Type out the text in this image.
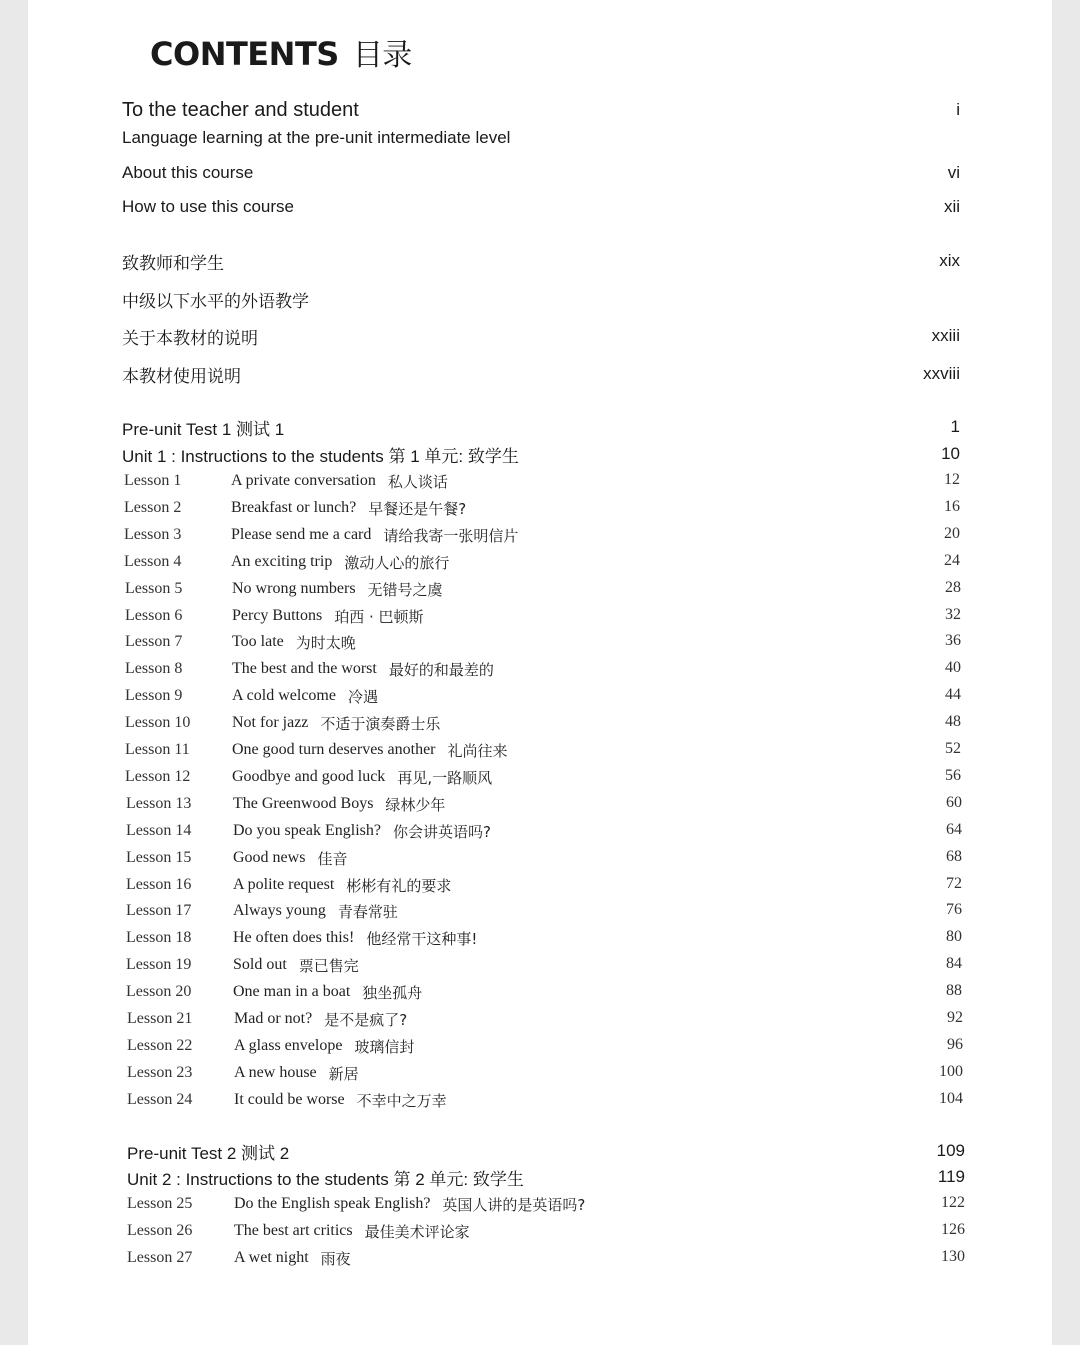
CONTENTS 目录
To the teacher and student	i
Language learning at the pre-unit intermediate level
About this course	vi
How to use this course	xii
致教师和学生	xix
中级以下水平的外语教学
关于本教材的说明	xxiii
本教材使用说明	xxviii
Pre-unit Test 1 测试 1	1
Unit 1 : Instructions to the students 第 1 单元: 致学生	10
Lesson 1	A private conversation 私人谈话	12
Lesson 2	Breakfast or lunch? 早餐还是午餐?	16
Lesson 3	Please send me a card 请给我寄一张明信片	20
Lesson 4	An exciting trip 激动人心的旅行	24
Lesson 5	No wrong numbers 无错号之虞	28
Lesson 6	Percy Buttons 珀西 · 巴顿斯	32
Lesson 7	Too late 为时太晚	36
Lesson 8	The best and the worst 最好的和最差的	40
Lesson 9	A cold welcome 冷遇	44
Lesson 10	Not for jazz 不适于演奏爵士乐	48
Lesson 11	One good turn deserves another 礼尚往来	52
Lesson 12	Goodbye and good luck 再见,一路顺风	56
Lesson 13	The Greenwood Boys 绿林少年	60
Lesson 14	Do you speak English? 你会讲英语吗?	64
Lesson 15	Good news 佳音	68
Lesson 16	A polite request 彬彬有礼的要求	72
Lesson 17	Always young 青春常驻	76
Lesson 18	He often does this! 他经常干这种事!	80
Lesson 19	Sold out 票已售完	84
Lesson 20	One man in a boat 独坐孤舟	88
Lesson 21	Mad or not? 是不是疯了?	92
Lesson 22	A glass envelope 玻璃信封	96
Lesson 23	A new house 新居	100
Lesson 24	It could be worse 不幸中之万幸	104
Pre-unit Test 2 测试 2	109
Unit 2 : Instructions to the students 第 2 单元: 致学生	119
Lesson 25	Do the English speak English? 英国人讲的是英语吗?	122
Lesson 26	The best art critics 最佳美术评论家	126
Lesson 27	A wet night 雨夜	130
